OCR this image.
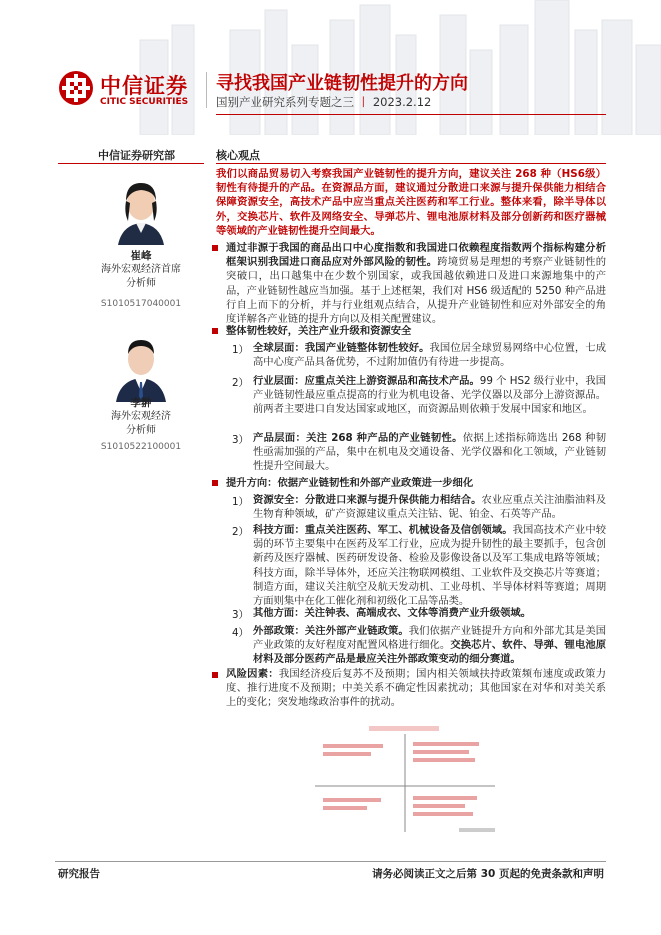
中信证券
CITIC SECURITIES
寻找我国产业链韧性提升的方向
国别产业研究系列专题之三 丨 2023.2.12
中信证券研究部
崔峰
海外宏观经济首席
分析师
S1010517040001
李翀
海外宏观经济
分析师
S1010522100001
核心观点
我们以商品贸易切入考察我国产业链韧性的提升方向，建议关注 268 种（HS6级）韧性有待提升的产品。在资源品方面，建议通过分散进口来源与提升保供能力相结合保障资源安全，高技术产品中应当重点关注医药和军工行业。整体来看，除半导体以外，交换芯片、软件及网络安全、导弹芯片、锂电池原材料及部分创新药和医疗器械等领域的产业链韧性提升空间最大。
通过非源于我国的商品出口中心度指数和我国进口依赖程度指数两个指标构建分析框架识别我国进口商品应对外部风险的韧性。跨境贸易是理想的考察产业链韧性的突破口，出口越集中在少数个别国家，或我国越依赖进口及进口来源地集中的产品，产业链韧性越应当加强。基于上述框架，我们对 HS6 级适配的 5250 种产品进行自上而下的分析，并与行业组观点结合，从提升产业链韧性和应对外部安全的角度详解各产业链的提升方向以及相关配置建议。
整体韧性较好，关注产业升级和资源安全
1） 全球层面：我国产业链整体韧性较好。我国位居全球贸易网络中心位置，七成高中心度产品具备优势，不过附加值仍有待进一步提高。
2） 行业层面：应重点关注上游资源品和高技术产品。99 个 HS2 级行业中，我国产业链韧性最应重点提高的行业为机电设备、光学仪器以及部分上游资源品。前两者主要进口自发达国家或地区，而资源品则依赖于发展中国家和地区。
3） 产品层面：关注 268 种产品的产业链韧性。依据上述指标筛选出 268 种韧性亟需加强的产品，集中在机电及交通设备、光学仪器和化工领域，产业链韧性提升空间最大。
提升方向：依据产业链韧性和外部产业政策进一步细化
1） 资源安全：分散进口来源与提升保供能力相结合。农业应重点关注油脂油料及生物育种领域，矿产资源建议重点关注钴、铌、铂金、石英等产品。
2） 科技方面：重点关注医药、军工、机械设备及信创领域。我国高技术产业中较弱的环节主要集中在医药及军工行业，应成为提升韧性的最主要抓手，包含创新药及医疗器械、医药研发设备、检验及影像设备以及军工集成电路等领域；科技方面，除半导体外，还应关注物联网模组、工业软件及交换芯片等赛道；制造方面，建议关注航空及航天发动机、工业母机、半导体材料等赛道；周期方面则集中在化工催化剂和初级化工品等品类。
3） 其他方面：关注钟表、高端成衣、文体等消费产业升级领域。
4） 外部政策：关注外部产业链政策。我们依据产业链提升方向和外部尤其是美国产业政策的友好程度对配置风格进行细化。交换芯片、软件、导弹、锂电池原材料及部分医药产品是最应关注外部政策变动的细分赛道。
风险因素：我国经济疫后复苏不及预期；国内相关领域扶持政策频布速度或政策力度、推行进度不及预期；中美关系不确定性因素扰动；其他国家在对华和对美关系上的变化；突发地缘政治事件的扰动。
研究报告	请务必阅读正文之后第 30 页起的免责条款和声明
